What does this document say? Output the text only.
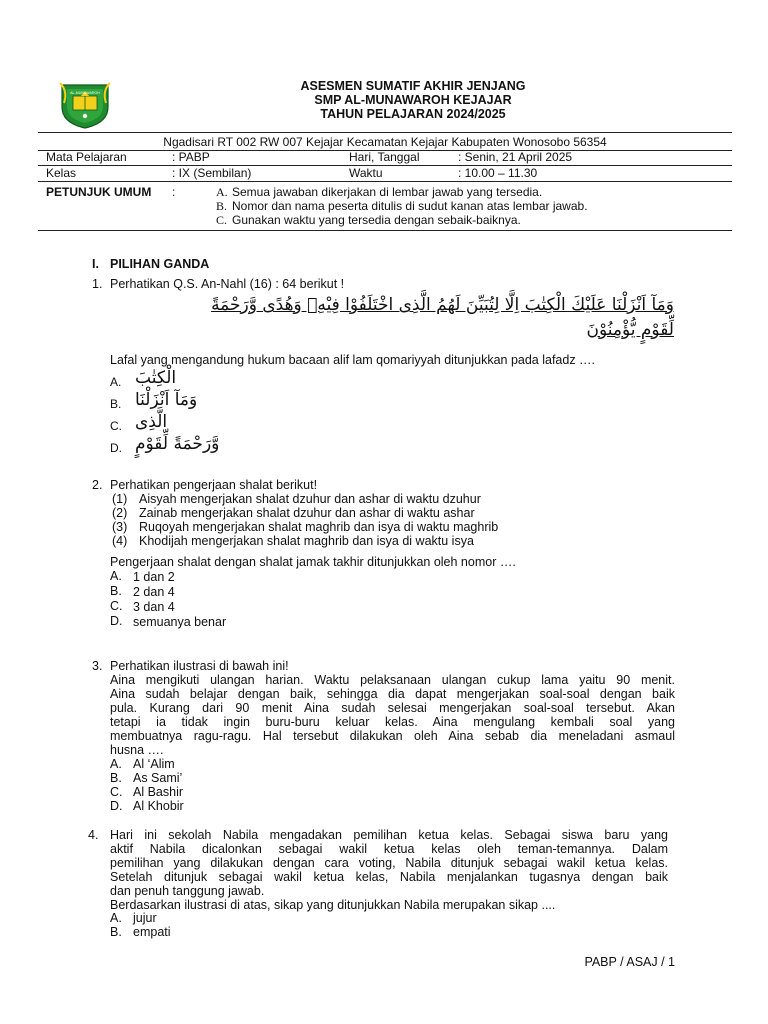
AL-MUNAWAROH	ASESMEN SUMATIF AKHIR JENJANG
SMP AL-MUNAWAROH KEJAJAR
TAHUN PELAJARAN 2024/2025
Ngadisari RT 002 RW 007 Kejajar Kecamatan Kejajar Kabupaten Wonosobo 56354
Mata Pelajaran	: PABP	Hari, Tanggal	: Senin, 21 April 2025
Kelas	: IX (Sembilan)	Waktu	: 10.00 – 11.30
PETUNJUK UMUM :	A. Semua jawaban dikerjakan di lembar jawab yang tersedia.
B. Nomor dan nama peserta ditulis di sudut kanan atas lembar jawab.
C. Gunakan waktu yang tersedia dengan sebaik-baiknya.
I. PILIHAN GANDA
1. Perhatikan Q.S. An-Nahl (16) : 64 berikut !
وَمَآ اَنْزَلْنَا عَلَيْكَ الْكِتٰبَ اِلَّا لِتُبَيِّنَ لَهُمُ الَّذِى اخْتَلَفُوْا فِيْهِۙ وَهُدًى وَّرَحْمَةً
لِّقَوْمٍ يُّؤْمِنُوْنَ
Lafal yang mengandung hukum bacaan alif lam qomariyyah ditunjukkan pada lafadz ….
A. الْكِتٰبَ
B. وَمَآ اَنْزَلْنَا
C. الَّذِى
D. وَّرَحْمَةً لِّقَوْمٍ
2. Perhatikan pengerjaan shalat berikut!
(1) Aisyah mengerjakan shalat dzuhur dan ashar di waktu dzuhur
(2) Zainab mengerjakan shalat dzuhur dan ashar di waktu ashar
(3) Ruqoyah mengerjakan shalat maghrib dan isya di waktu maghrib
(4) Khodijah mengerjakan shalat maghrib dan isya di waktu isya
Pengerjaan shalat dengan shalat jamak takhir ditunjukkan oleh nomor ….
A. 1 dan 2
B. 2 dan 4
C. 3 dan 4
D. semuanya benar
3. Perhatikan ilustrasi di bawah ini!
Aina mengikuti ulangan harian. Waktu pelaksanaan ulangan cukup lama yaitu 90 menit.
Aina sudah belajar dengan baik, sehingga dia dapat mengerjakan soal-soal dengan baik
pula. Kurang dari 90 menit Aina sudah selesai mengerjakan soal-soal tersebut. Akan
tetapi ia tidak ingin buru-buru keluar kelas. Aina mengulang kembali soal yang
membuatnya ragu-ragu. Hal tersebut dilakukan oleh Aina sebab dia meneladani asmaul
husna ….
A. Al ‘Alim
B. As Sami’
C. Al Bashir
D. Al Khobir
4. Hari ini sekolah Nabila mengadakan pemilihan ketua kelas. Sebagai siswa baru yang
aktif Nabila dicalonkan sebagai wakil ketua kelas oleh teman-temannya. Dalam
pemilihan yang dilakukan dengan cara voting, Nabila ditunjuk sebagai wakil ketua kelas.
Setelah ditunjuk sebagai wakil ketua kelas, Nabila menjalankan tugasnya dengan baik
dan penuh tanggung jawab.
Berdasarkan ilustrasi di atas, sikap yang ditunjukkan Nabila merupakan sikap ....
A. jujur
B. empati
PABP / ASAJ / 1
